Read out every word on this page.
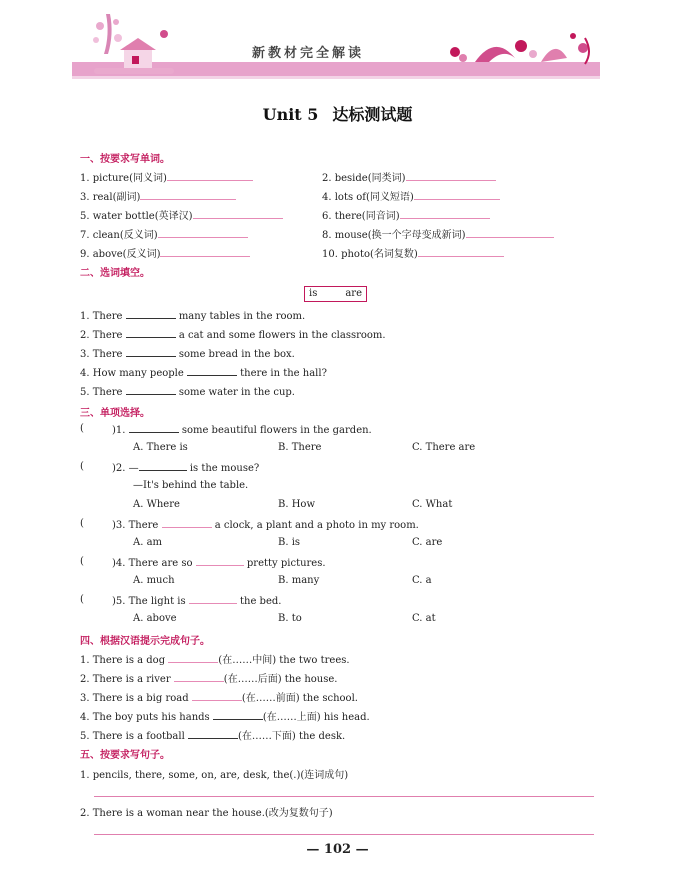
新教材完全解读
Unit 5 达标测试题
一、按要求写单词。
1. picture(同义词)	2. beside(同类词)
3. real(副词)	4. lots of(同义短语)
5. water bottle(英译汉)	6. there(同音词)
7. clean(反义词)	8. mouse(换一个字母变成新词)
9. above(反义词)	10. photo(名词复数)
二、选词填空。
is	are
1. There	many tables in the room.
2. There	a cat and some flowers in the classroom.
3. There	some bread in the box.
4. How many people	there in the hall?
5. There	some water in the cup.
三、单项选择。
(	)1.	some beautiful flowers in the garden.
A. There is	B. There	C. There are
(	)2. —	is the mouse?
—It's behind the table.
A. Where	B. How	C. What
(	)3. There	a clock, a plant and a photo in my room.
A. am	B. is	C. are
(	)4. There are so	pretty pictures.
A. much	B. many	C. a
(	)5. The light is	the bed.
A. above	B. to	C. at
四、根据汉语提示完成句子。
1. There is a dog	(在……中间) the two trees.
2. There is a river	(在……后面) the house.
3. There is a big road	(在……前面) the school.
4. The boy puts his hands	(在……上面) his head.
5. There is a football	(在……下面) the desk.
五、按要求写句子。
1. pencils, there, some, on, are, desk, the(.)(连词成句)
2. There is a woman near the house.(改为复数句子)
— 102 —
